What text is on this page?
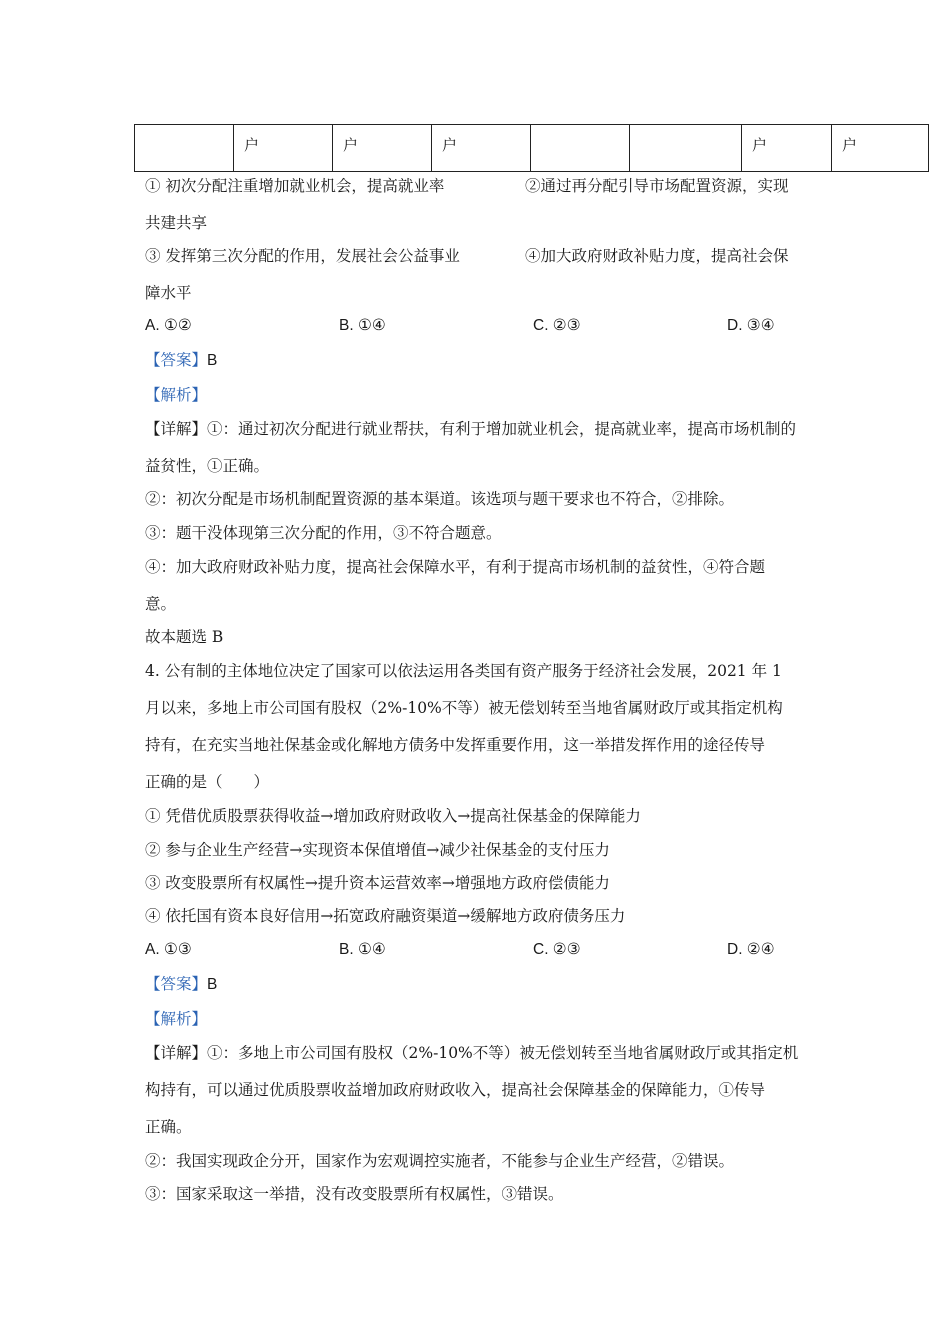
	户	户	户			户	户
① 初次分配注重增加就业机会，提高就业率	②通过再分配引导市场配置资源，实现
共建共享
③ 发挥第三次分配的作用，发展社会公益事业	④加大政府财政补贴力度，提高社会保
障水平
A. ①②	B. ①④	C. ②③	D. ③④
【答案】B
【解析】
【详解】①：通过初次分配进行就业帮扶，有利于增加就业机会，提高就业率，提高市场机制的
益贫性，①正确。
②：初次分配是市场机制配置资源的基本渠道。该选项与题干要求也不符合，②排除。
③：题干没体现第三次分配的作用，③不符合题意。
④：加大政府财政补贴力度，提高社会保障水平，有利于提高市场机制的益贫性，④符合题
意。
故本题选 B
4. 公有制的主体地位决定了国家可以依法运用各类国有资产服务于经济社会发展，2021 年 1
月以来，多地上市公司国有股权（2%-10%不等）被无偿划转至当地省属财政厅或其指定机构
持有，在充实当地社保基金或化解地方债务中发挥重要作用，这一举措发挥作用的途径传导
正确的是（　　）
① 凭借优质股票获得收益→增加政府财政收入→提高社保基金的保障能力
② 参与企业生产经营→实现资本保值增值→减少社保基金的支付压力
③ 改变股票所有权属性→提升资本运营效率→增强地方政府偿债能力
④ 依托国有资本良好信用→拓宽政府融资渠道→缓解地方政府债务压力
A. ①③	B. ①④	C. ②③	D. ②④
【答案】B
【解析】
【详解】①：多地上市公司国有股权（2%-10%不等）被无偿划转至当地省属财政厅或其指定机
构持有，可以通过优质股票收益增加政府财政收入，提高社会保障基金的保障能力，①传导
正确。
②：我国实现政企分开，国家作为宏观调控实施者，不能参与企业生产经营，②错误。
③：国家采取这一举措，没有改变股票所有权属性，③错误。
